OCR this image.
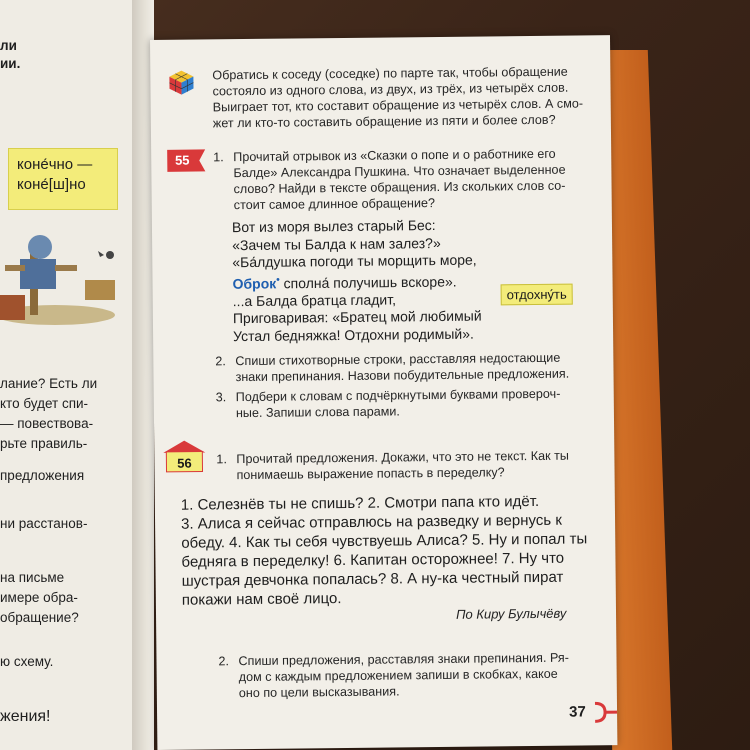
ли
ии.
коне́чно —
коне́[ш]но
лание? Есть ли
кто будет спи-
— повествова-
рьте правиль-
предложения
ни расстанов-
на письме
имере обра-
обращение?
ю схему.
жения!
Обратись к соседу (соседке) по парте так, чтобы обращение
состояло из одного слова, из двух, из трёх, из четырёх слов.
Выиграет тот, кто составит обращение из четырёх слов. А смо-
жет ли кто-то составить обращение из пяти и более слов?
55	1. Прочитай отрывок из «Сказки о попе и о работнике его
Балде» Александра Пушкина. Что означает выделенное
слово? Найди в тексте обращения. Из скольких слов со-
стоит самое длинное обращение?
Вот из моря вылез старый Бес:
«Зачем ты Балда к нам залез?»
«Ба́лдушка погоди ты морщить море,
Оброк• сполна́ получишь вскоре».
...а Балда братца гладит,
Приговаривая: «Братец мой любимый
Устал бедняжка! Отдохни родимый».
отдохну́ть
2. Спиши стихотворные строки, расставляя недостающие
знаки препинания. Назови побудительные предложения.
3. Подбери к словам с подчёркнутыми буквами провероч-
ные. Запиши слова парами.
56	1. Прочитай предложения. Докажи, что это не текст. Как ты
понимаешь выражение попасть в переделку?
1. Селезнёв ты не спишь? 2. Смотри папа кто идёт.
3. Алиса я сейчас отправлюсь на разведку и вернусь к
обеду. 4. Как ты себя чувствуешь Алиса? 5. Ну и попал ты
бедняга в переделку! 6. Капитан осторожнее! 7. Ну что
шустрая девчонка попалась? 8. А ну-ка честный пират
покажи нам своё лицо.
По Киру Булычёву
2. Спиши предложения, расставляя знаки препинания. Ря-
дом с каждым предложением запиши в скобках, какое
оно по цели высказывания.
37
